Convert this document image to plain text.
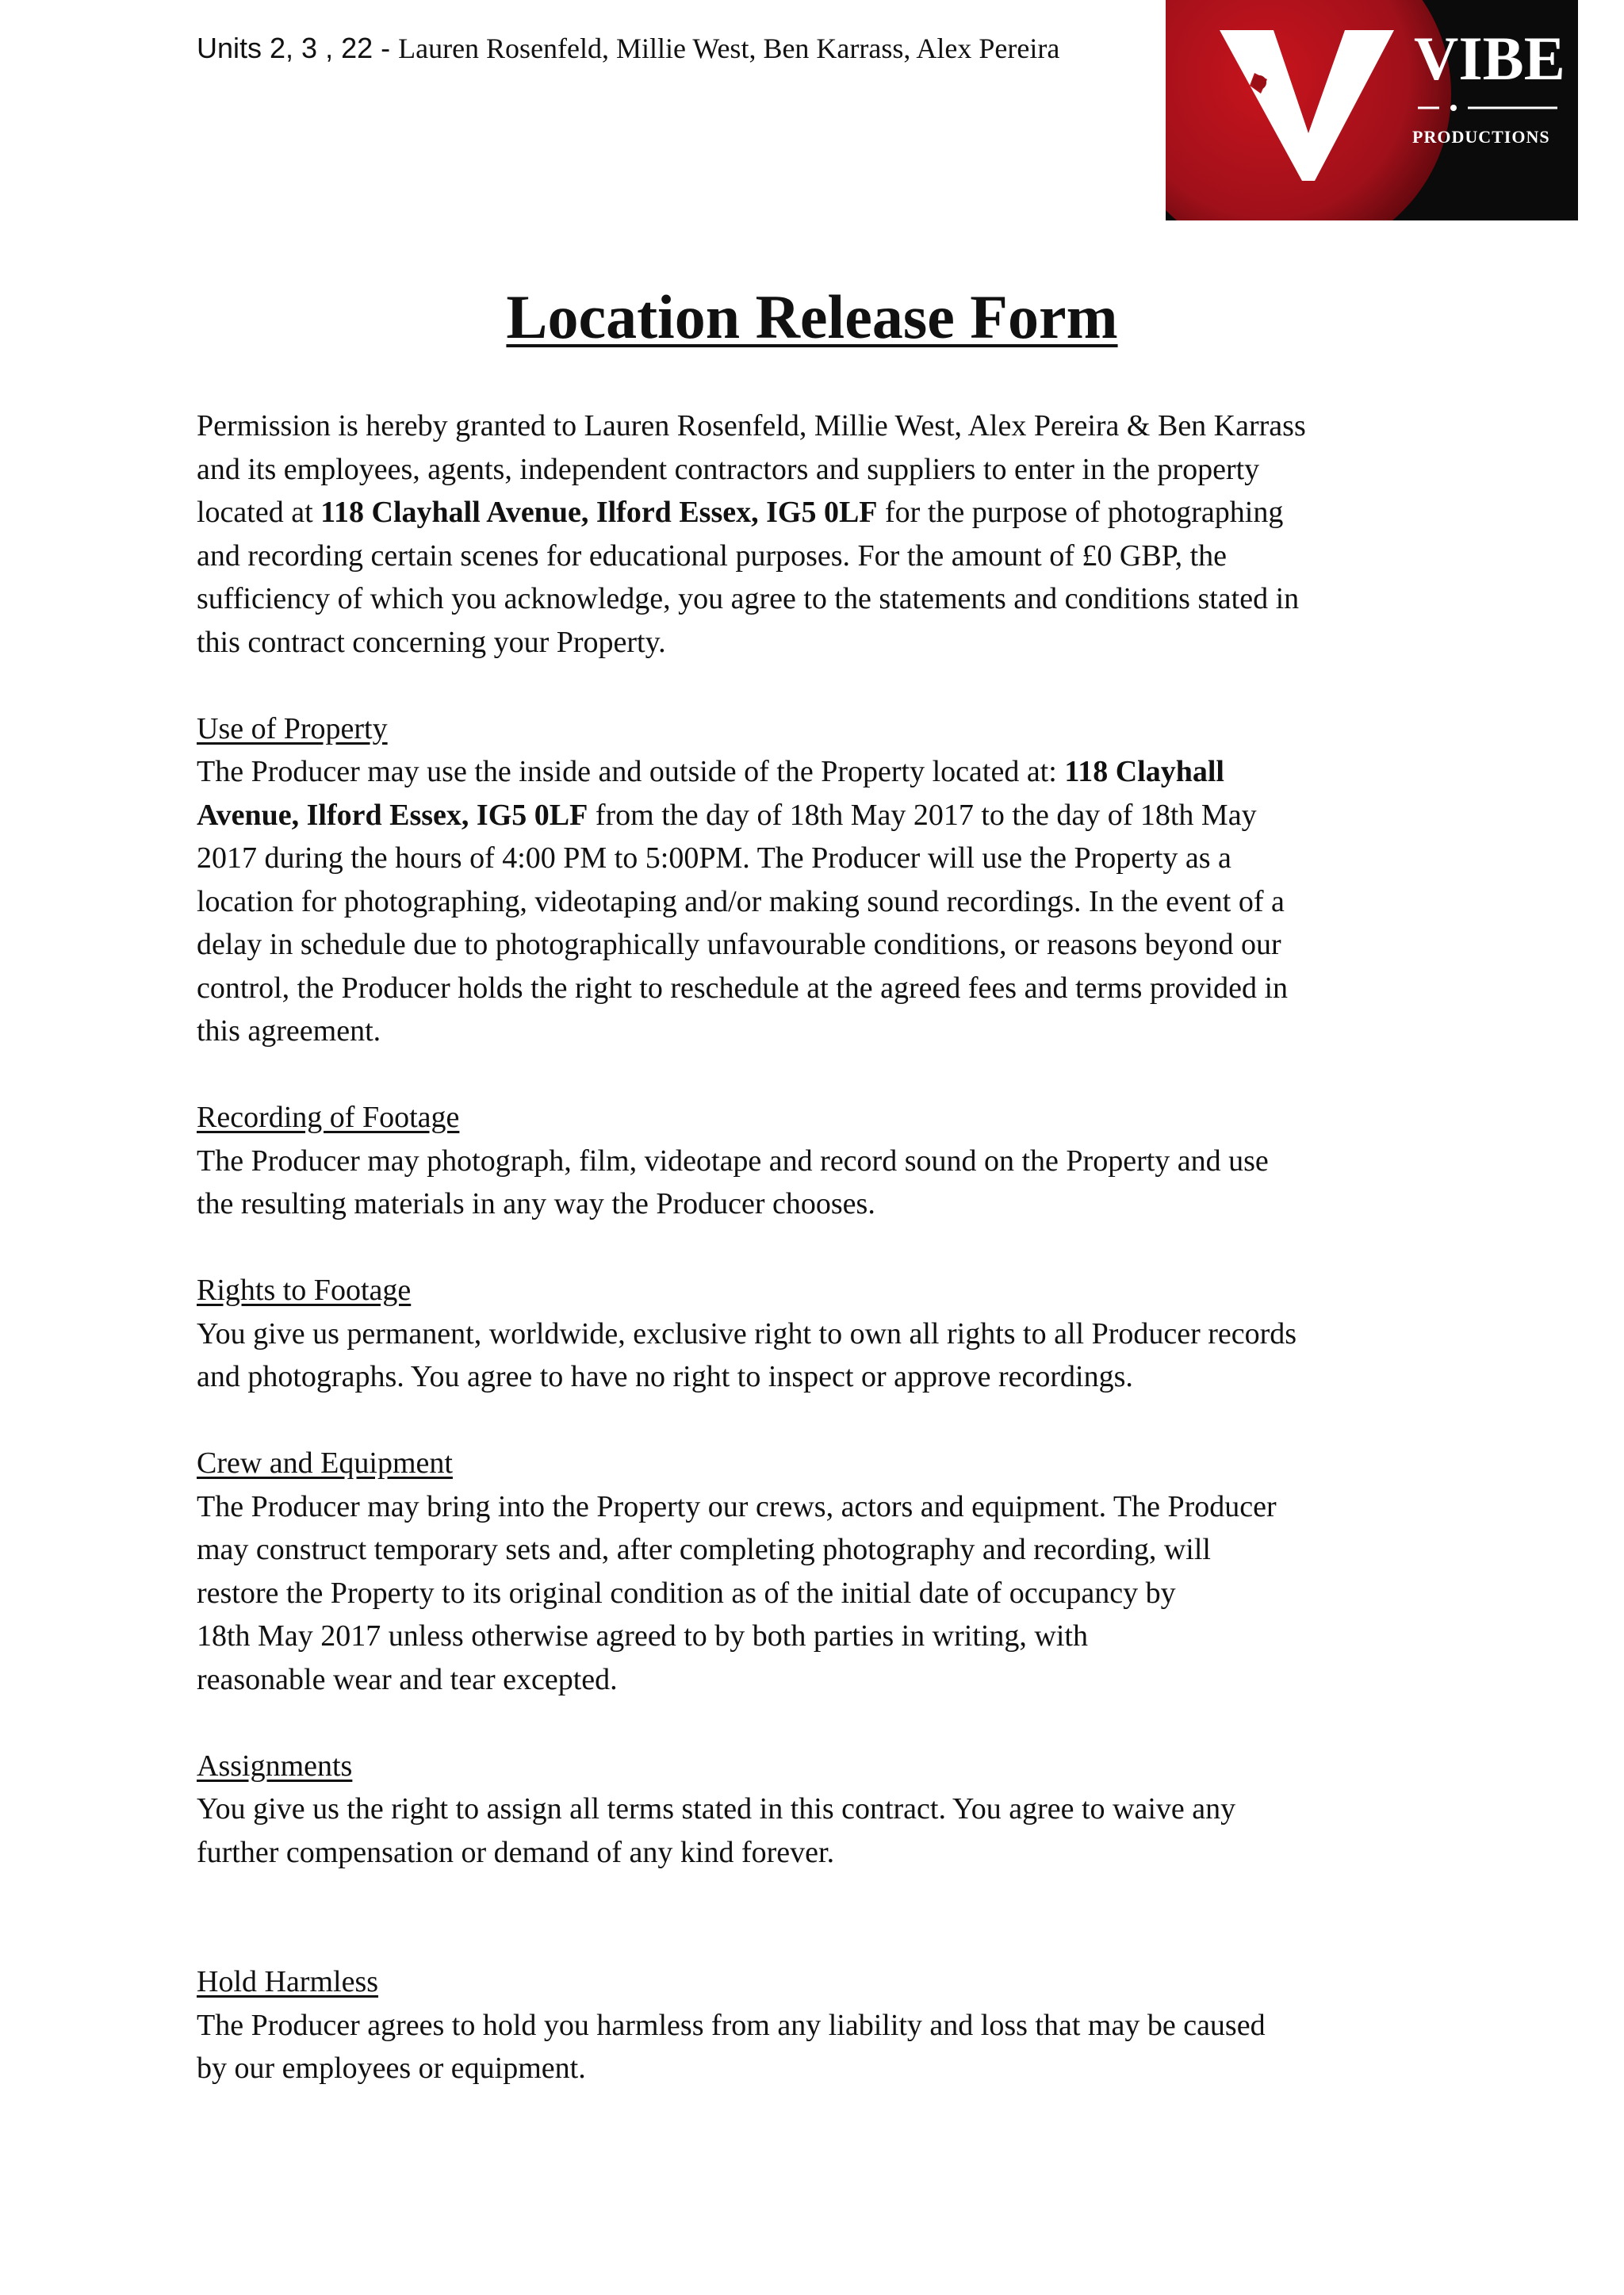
Units 2, 3 , 22 - Lauren Rosenfeld, Millie West, Ben Karrass, Alex Pereira	VIBE
PRODUCTIONS
Location Release Form
Permission is hereby granted to Lauren Rosenfeld, Millie West, Alex Pereira & Ben Karrass
and its employees, agents, independent contractors and suppliers to enter in the property
located at 118 Clayhall Avenue, Ilford Essex, IG5 0LF for the purpose of photographing
and recording certain scenes for educational purposes. For the amount of £0 GBP, the
sufficiency of which you acknowledge, you agree to the statements and conditions stated in
this contract concerning your Property.
Use of Property
The Producer may use the inside and outside of the Property located at: 118 Clayhall
Avenue, Ilford Essex, IG5 0LF from the day of 18th May 2017 to the day of 18th May
2017 during the hours of 4:00 PM to 5:00PM. The Producer will use the Property as a
location for photographing, videotaping and/or making sound recordings. In the event of a
delay in schedule due to photographically unfavourable conditions, or reasons beyond our
control, the Producer holds the right to reschedule at the agreed fees and terms provided in
this agreement.
Recording of Footage
The Producer may photograph, film, videotape and record sound on the Property and use
the resulting materials in any way the Producer chooses.
Rights to Footage
You give us permanent, worldwide, exclusive right to own all rights to all Producer records
and photographs. You agree to have no right to inspect or approve recordings.
Crew and Equipment
The Producer may bring into the Property our crews, actors and equipment. The Producer
may construct temporary sets and, after completing photography and recording, will
restore the Property to its original condition as of the initial date of occupancy by
18th May 2017 unless otherwise agreed to by both parties in writing, with
reasonable wear and tear excepted.
Assignments
You give us the right to assign all terms stated in this contract. You agree to waive any
further compensation or demand of any kind forever.
Hold Harmless
The Producer agrees to hold you harmless from any liability and loss that may be caused
by our employees or equipment.
